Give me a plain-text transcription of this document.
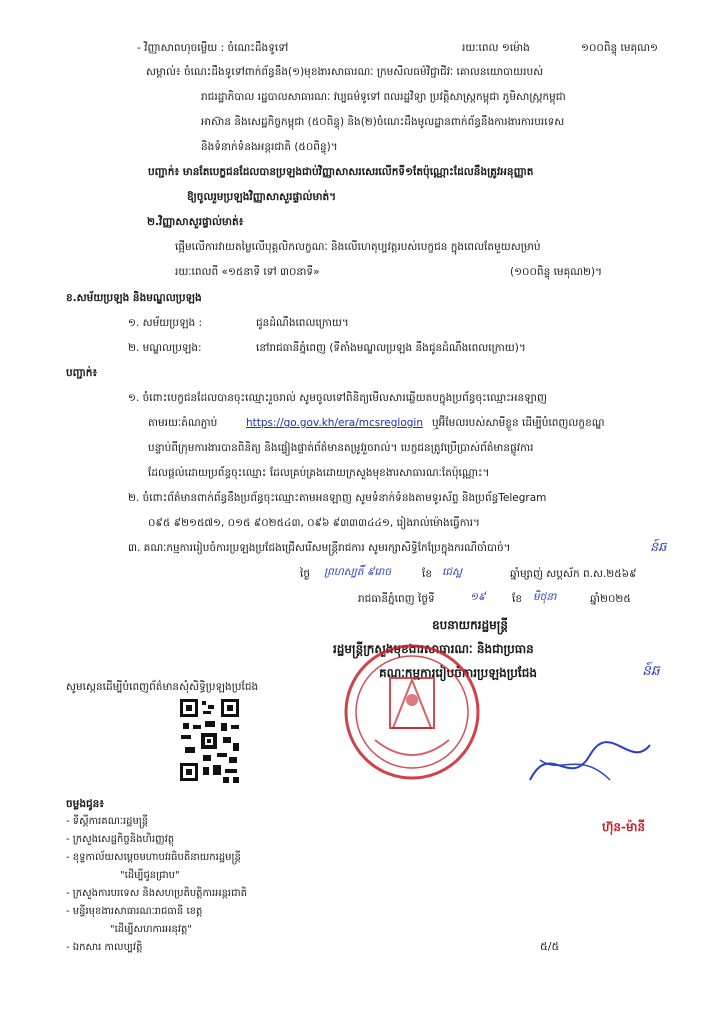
- វិញ្ញាសាពហុចម្លើយ : ចំណេះដឹងទូទៅ	រយៈពេល ១ម៉ោង	១០០ពិន្ទុ មេគុណ១
សម្គាល់៖ ចំណេះដឹងទូទៅពាក់ព័ន្ធនឹង(១)មុខងារសាធារណៈ ក្រមសីលធម៌វិជ្ជាជីវៈ គោលនយោបាយរបស់
រាជរដ្ឋាភិបាល រដ្ឋបាលសាធារណៈ វប្បធម៌ទូទៅ ពលរដ្ឋវិទ្យា ប្រវត្តិសាស្ត្រកម្ពុជា ភូមិសាស្ត្រកម្ពុជា
អាស៊ាន និងសេដ្ឋកិច្ចកម្ពុជា (៥០ពិន្ទុ) និង(២)ចំណេះដឹងមូលដ្ឋានពាក់ព័ន្ធនឹងការងារការបរទេស
និងទំនាក់ទំនងអន្តរជាតិ (៥០ពិន្ទុ)។
បញ្ជាក់៖ មានតែបេក្ខជនដែលបានប្រឡងជាប់វិញ្ញាសាសរសេរលើកទី១តែប៉ុណ្ណោះដែលនឹងត្រូវអនុញ្ញាត
ឱ្យចូលរួមប្រឡងវិញ្ញាសាសួរផ្ទាល់មាត់។
២.វិញ្ញាសាសួរផ្ទាល់មាត់៖
ផ្អើមលើការវាយតម្លៃលើបុគ្គលិកលក្ខណៈ និងលើហេតុប្បវត្តរបស់បេក្ខជន ក្នុងពេលតែមួយសម្រាប់
រយៈពេលពី «១៥នាទី ទៅ ៣០នាទី»	(១០០ពិន្ទុ មេគុណ២)។
ខ.សម័យប្រឡង និងមណ្ឌលប្រឡង
១. សម័យប្រឡង :	ជូនដំណឹងពេលក្រោយ។
២. មណ្ឌលប្រឡង:	នៅរាជធានីភ្នំពេញ (ទីតាំងមណ្ឌលប្រឡង នឹងជូនដំណឹងពេលក្រោយ)។
បញ្ជាក់៖
១. ចំពោះបេក្ខជនដែលបានចុះឈ្មោះរួចរាល់ សូមចូលទៅពិនិត្យមើលសារឆ្លើយតបក្នុងប្រព័ន្ធចុះឈ្មោះអនឡាញ
តាមរយៈតំណភ្ជាប់	https://go.gov.kh/era/mcsreglogin ឬអ៊ីមែលរបស់សាមីខ្លួន ដើម្បីបំពេញលក្ខខណ្ឌ
បន្ទាប់ពីក្រុមការងារបានពិនិត្យ និងផ្ទៀងផ្ទាត់ព័ត៌មានតម្រូវរួចរាល់។ បេក្ខជនត្រូវប្រើប្រាស់ព័ត៌មានផ្លូវការ
ដែលផ្តល់ដោយប្រព័ន្ធចុះឈ្មោះ ដែលគ្រប់គ្រងដោយក្រសួងមុខងារសាធារណៈតែប៉ុណ្ណោះ។
២. ចំពោះព័ត៌មានពាក់ព័ន្ធនឹងប្រព័ន្ធចុះឈ្មោះតាមអនឡាញ សូមទំនាក់ទំនងតាមទូរស័ព្ទ និងប្រព័ន្ធTelegram
០៩៥ ៩២១៥៧១, ០១៥ ៩០២៥៤៣, ០៩៦ ៩៣៣៣៤៤១, រៀងរាល់ម៉ោងធ្វើការ។
៣. គណៈកម្មការរៀបចំការប្រឡងប្រជែងជ្រើសរើសមន្ត្រីរាជការ សូមរក្សាសិទ្ធិកែប្រែក្នុងករណីចាំបាច់។	ន៍ឆ
ថ្ងៃ ព្រហស្បតិ៍ ៩រោច	ខែ ជេស្ឋ	ឆ្នាំម្សាញ់ សប្តស័ក ព.ស.២៥៦៩
រាជធានីភ្នំពេញ ថ្ងៃទី	១៩	ខែ មិថុនា	ឆ្នាំ២០២៥
ឧបនាយករដ្ឋមន្ត្រី
រដ្ឋមន្ត្រីក្រសួងមុខងារសាធារណៈ និងជាប្រធាន
គណៈកម្មការរៀបចំការប្រឡងប្រជែង	ន៍ឆ
ហ៊ុន-ម៉ានី
សូមស្កេនដើម្បីបំពេញព័ត៌មានសុំសិទ្ធិប្រឡងប្រជែង
ចម្លងជូន៖
- ទីស្តីការគណៈរដ្ឋមន្ត្រី
- ក្រសួងសេដ្ឋកិច្ចនិងហិរញ្ញវត្ថុ
- ខុទ្ទកាល័យសម្តេចមហាបវរធិបតីនាយករដ្ឋមន្ត្រី
"ដើម្បីជូនជ្រាប"
- ក្រសួងការបរទេស និងសហប្រតិបត្តិការអន្តរជាតិ
- មន្ទីរមុខងារសាធារណៈរាជធានី ខេត្ត
"ដើម្បីសហការអនុវត្ត"
- ឯកសារ កាលប្បវត្តិ	៥/៥
